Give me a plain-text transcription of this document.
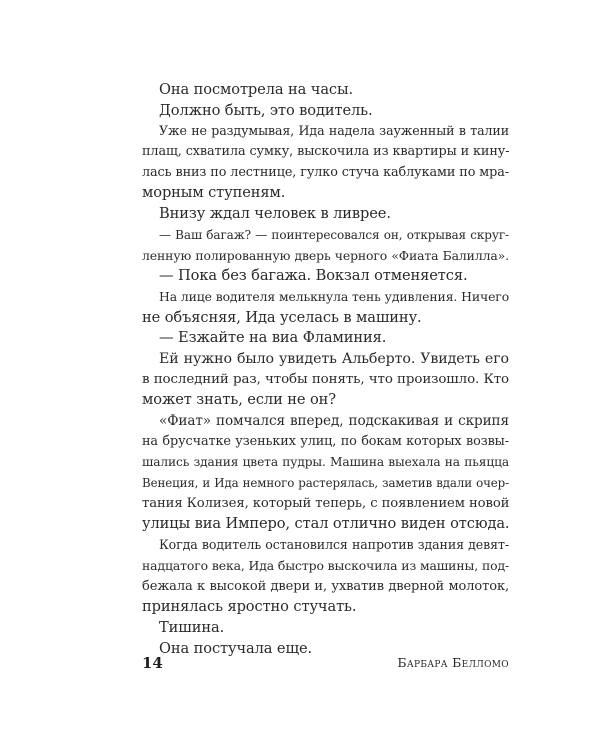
Она посмотрела на часы.
Должно быть, это водитель.
Уже не раздумывая, Ида надела зауженный в талии
плащ, схватила сумку, выскочила из квартиры и кину-
лась вниз по лестнице, гулко стуча каблуками по мра-
морным ступеням.
Внизу ждал человек в ливрее.
— Ваш багаж? — поинтересовался он, открывая скруг-
ленную полированную дверь черного «Фиата Балилла».
— Пока без багажа. Вокзал отменяется.
На лице водителя мелькнула тень удивления. Ничего
не объясняя, Ида уселась в машину.
— Езжайте на виа Фламиния.
Ей нужно было увидеть Альберто. Увидеть его
в последний раз, чтобы понять, что произошло. Кто
может знать, если не он?
«Фиат» помчался вперед, подскакивая и скрипя
на брусчатке узеньких улиц, по бокам которых возвы-
шались здания цвета пудры. Машина выехала на пьяцца
Венеция, и Ида немного растерялась, заметив вдали очер-
тания Колизея, который теперь, с появлением новой
улицы виа Имперо, стал отлично виден отсюда.
Когда водитель остановился напротив здания девят-
надцатого века, Ида быстро выскочила из машины, под-
бежала к высокой двери и, ухватив дверной молоток,
принялась яростно стучать.
Тишина.
Она постучала еще.
14	Барбара Белломо
